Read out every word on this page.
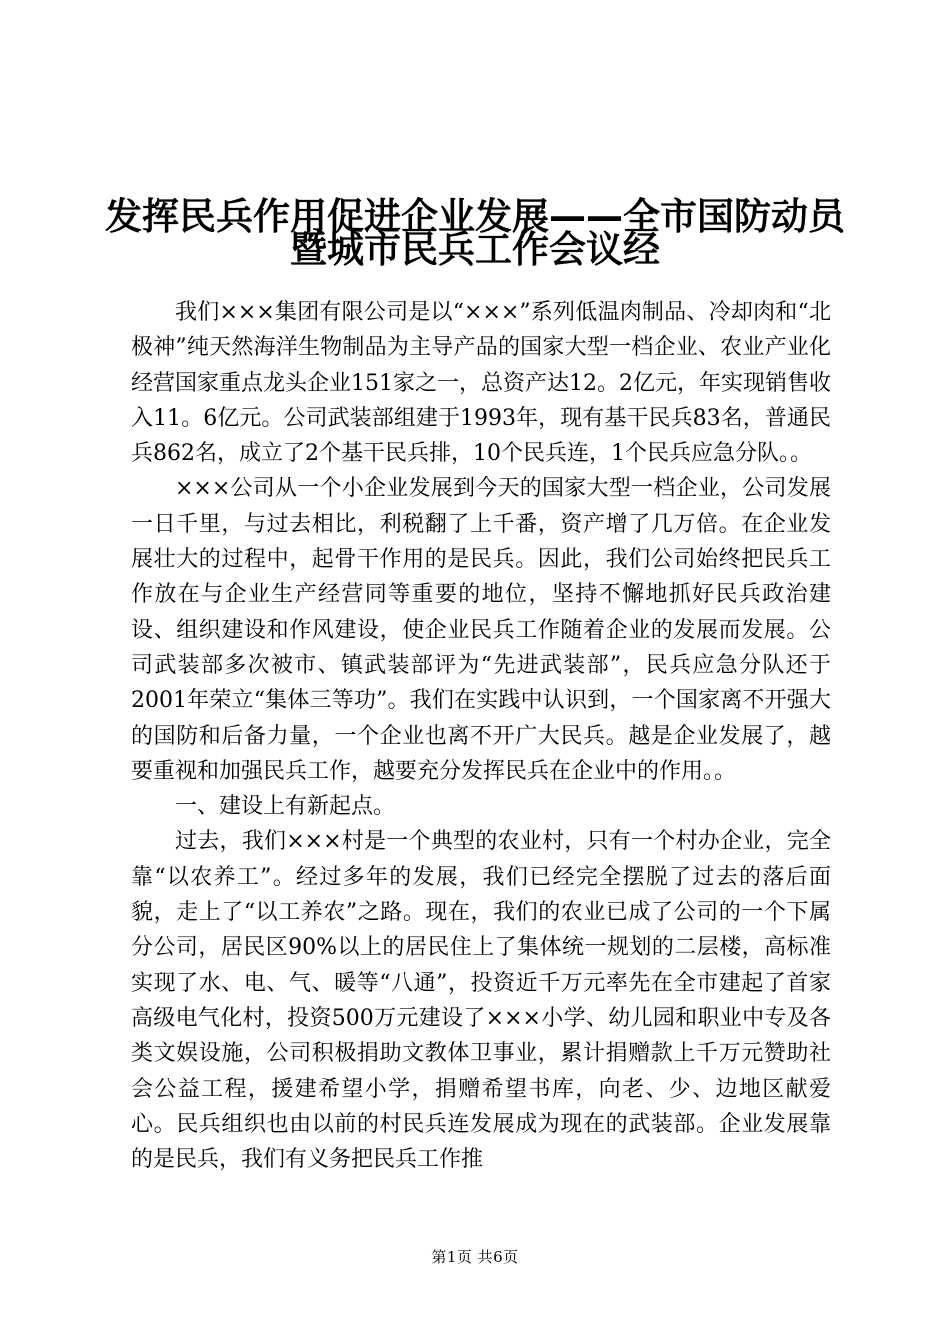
发挥民兵作用促进企业发展——全市国防动员
暨城市民兵工作会议经

我们×××集团有限公司是以“×××”系列低温肉制品、冷却肉和“北极神”纯天然海洋生物制品为主导产品的国家大型一档企业、农业产业化经营国家重点龙头企业151家之一，总资产达12。2亿元，年实现销售收入11。6亿元。公司武装部组建于1993年，现有基干民兵83名，普通民兵862名，成立了2个基干民兵排，10个民兵连，1个民兵应急分队。。

×××公司从一个小企业发展到今天的国家大型一档企业，公司发展一日千里，与过去相比，利税翻了上千番，资产增了几万倍。在企业发展壮大的过程中，起骨干作用的是民兵。因此，我们公司始终把民兵工作放在与企业生产经营同等重要的地位，坚持不懈地抓好民兵政治建设、组织建设和作风建设，使企业民兵工作随着企业的发展而发展。公司武装部多次被市、镇武装部评为“先进武装部”，民兵应急分队还于2001年荣立“集体三等功”。我们在实践中认识到，一个国家离不开强大的国防和后备力量，一个企业也离不开广大民兵。越是企业发展了，越要重视和加强民兵工作，越要充分发挥民兵在企业中的作用。。

一、建设上有新起点。

过去，我们×××村是一个典型的农业村，只有一个村办企业，完全靠“以农养工”。经过多年的发展，我们已经完全摆脱了过去的落后面貌，走上了“以工养农”之路。现在，我们的农业已成了公司的一个下属分公司，居民区90%以上的居民住上了集体统一规划的二层楼，高标准实现了水、电、气、暖等“八通”，投资近千万元率先在全市建起了首家高级电气化村，投资500万元建设了×××小学、幼儿园和职业中专及各类文娱设施，公司积极捐助文教体卫事业，累计捐赠款上千万元赞助社会公益工程，援建希望小学，捐赠希望书库，向老、少、边地区献爱心。民兵组织也由以前的村民兵连发展成为现在的武装部。企业发展靠的是民兵，我们有义务把民兵工作推

第1页 共6页
